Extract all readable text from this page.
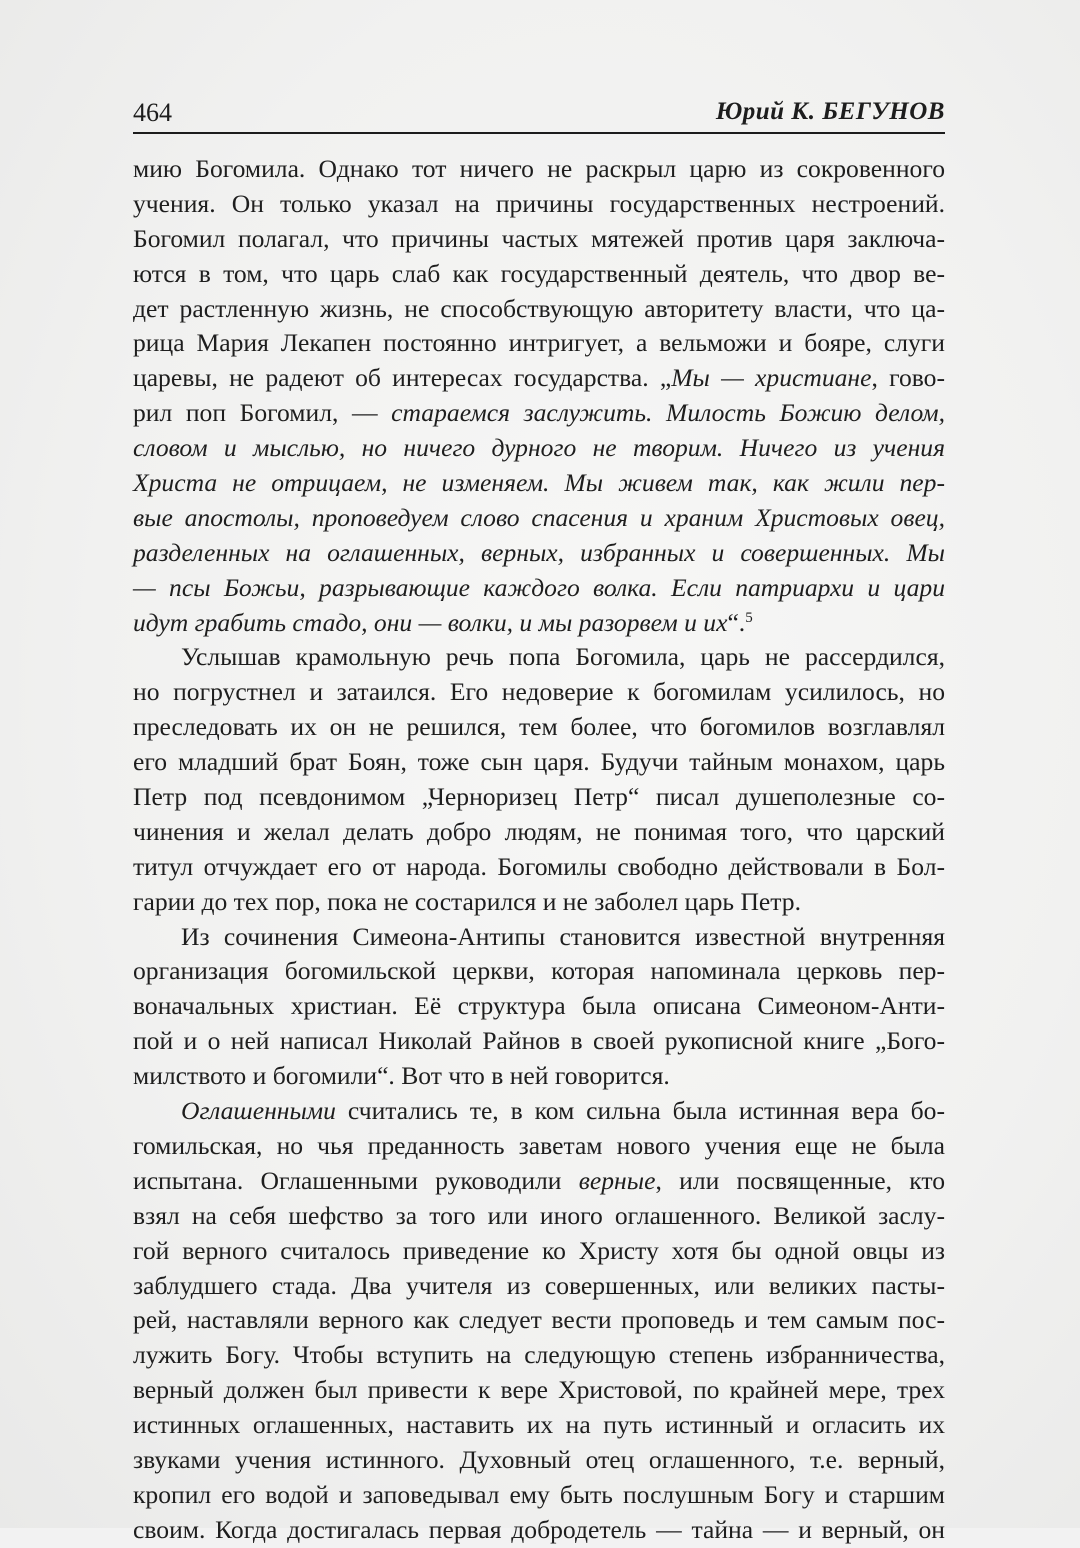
464	Юрий К. БЕГУНОВ
мию Богомила. Однако тот ничего не раскрыл царю из сокровенного
учения. Он только указал на причины государственных нестроений.
Богомил полагал, что причины частых мятежей против царя заключа-
ются в том, что царь слаб как государственный деятель, что двор ве-
дет растленную жизнь, не способствующую авторитету власти, что ца-
рица Мария Лекапен постоянно интригует, а вельможи и бояре, слуги
царевы, не радеют об интересах государства. „Мы — христиане, гово-
рил поп Богомил, — стараемся заслужить. Милость Божию делом,
словом и мыслью, но ничего дурного не творим. Ничего из учения
Христа не отрицаем, не изменяем. Мы живем так, как жили пер-
вые апостолы, проповедуем слово спасения и храним Христовых овец,
разделенных на оглашенных, верных, избранных и совершенных. Мы
— псы Божьи, разрывающие каждого волка. Если патриархи и цари
идут грабить стадо, они — волки, и мы разорвем и их“.$^5$
Услышав крамольную речь попа Богомила, царь не рассердился,
но погрустнел и затаился. Его недоверие к богомилам усилилось, но
преследовать их он не решился, тем более, что богомилов возглавлял
его младший брат Боян, тоже сын царя. Будучи тайным монахом, царь
Петр под псевдонимом „Черноризец Петр“ писал душеполезные со-
чинения и желал делать добро людям, не понимая того, что царский
титул отчуждает его от народа. Богомилы свободно действовали в Бол-
гарии до тех пор, пока не состарился и не заболел царь Петр.
Из сочинения Симеона-Антипы становится известной внутренняя
организация богомильской церкви, которая напоминала церковь пер-
воначальных христиан. Её структура была описана Симеоном-Анти-
пой и о ней написал Николай Райнов в своей рукописной книге „Бого-
милството и богомили“. Вот что в ней говорится.
Оглашенными считались те, в ком сильна была истинная вера бо-
гомильская, но чья преданность заветам нового учения еще не была
испытана. Оглашенными руководили верные, или посвященные, кто
взял на себя шефство за того или иного оглашенного. Великой заслу-
гой верного считалось приведение ко Христу хотя бы одной овцы из
заблудшего стада. Два учителя из совершенных, или великих пасты-
рей, наставляли верного как следует вести проповедь и тем самым пос-
лужить Богу. Чтобы вступить на следующую степень избранничества,
верный должен был привести к вере Христовой, по крайней мере, трех
истинных оглашенных, наставить их на путь истинный и огласить их
звуками учения истинного. Духовный отец оглашенного, т.е. верный,
кропил его водой и заповедывал ему быть послушным Богу и старшим
своим. Когда достигалась первая добродетель — тайна — и верный, он
